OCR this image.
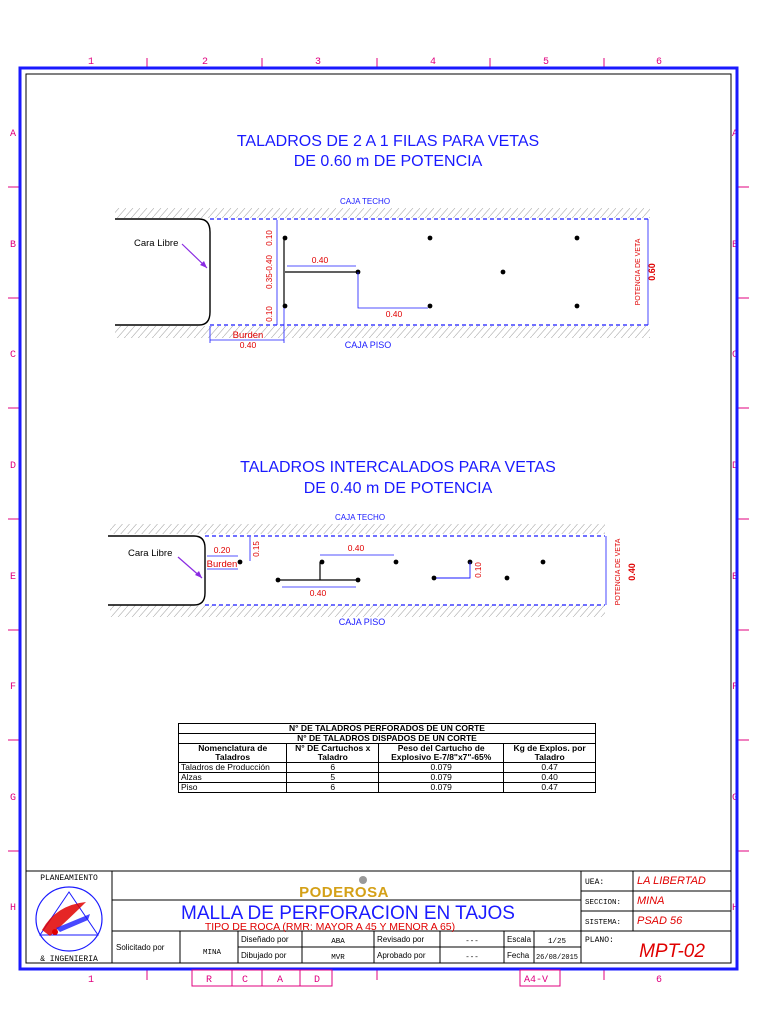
1	2	3	4	5	6
1	6
A
B
C
D
E
F
G
H
A
B
C
D
E
F
G
H
TALADROS DE 2 A 1 FILAS PARA VETAS
DE 0.60 m DE POTENCIA
CAJA TECHO
CAJA PISO
Cara Libre	0.10
0.35-0.40
0.10
0.40
0.40
Burden
0.40
POTENCIA DE VETA 0.60
TALADROS INTERCALADOS PARA VETAS
DE 0.40 m DE POTENCIA
CAJA TECHO
CAJA PISO
Cara Libre	0.20	0.15
Burden
0.40
0.40
0.10	POTENCIA DE VETA 0.40
PLANEAMIENTO
& INGENIERIA
PODEROSA
MALLA DE PERFORACION EN TAJOS
TIPO DE ROCA (RMR: MAYOR A 45 Y MENOR A 65)
Solicitado por
MINA
Diseñado por	ABA
Dibujado por	MVR
Revisado por	---
Aprobado por	---
Escala 1/25
Fecha 26/08/2015
UEA:	LA LIBERTAD
SECCION: MINA
SISTEMA: PSAD 56
PLANO:
MPT-02
R	C	A	D	A4-V
N° DE TALADROS PERFORADOS DE UN CORTE			
N° DE TALADROS DISPADOS DE UN CORTE			
Nomenclatura de Taladros	N° DE Cartuchos x Taladro	Peso del Cartucho de Explosivo E-7/8"x7"-65%	Kg de Explos. por Taladro
Taladros de Producción	6	0.079	0.47
Alzas	5	0.079	0.40
Piso	6	0.079	0.47
